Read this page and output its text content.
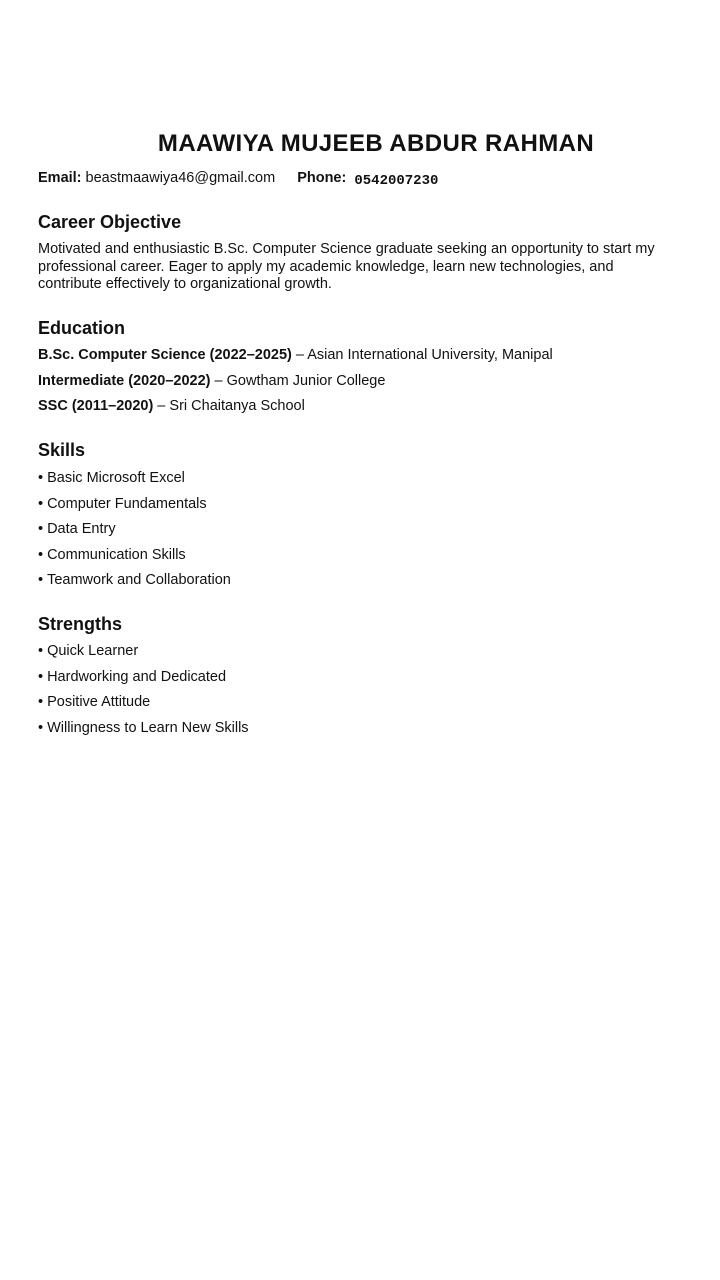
MAAWIYA MUJEEB ABDUR RAHMAN
Email: beastmaawiya46@gmail.com Phone: 0542007230
Career Objective

Motivated and enthusiastic B.Sc. Computer Science graduate seeking an opportunity to start my professional career. Eager to apply my academic knowledge, learn new technologies, and contribute effectively to organizational growth.

Education

B.Sc. Computer Science (2022–2025) – Asian International University, Manipal

Intermediate (2020–2022) – Gowtham Junior College

SSC (2011–2020) – Sri Chaitanya School

Skills
• Basic Microsoft Excel
• Computer Fundamentals
• Data Entry
• Communication Skills
• Teamwork and Collaboration
Strengths
• Quick Learner
• Hardworking and Dedicated
• Positive Attitude
• Willingness to Learn New Skills
